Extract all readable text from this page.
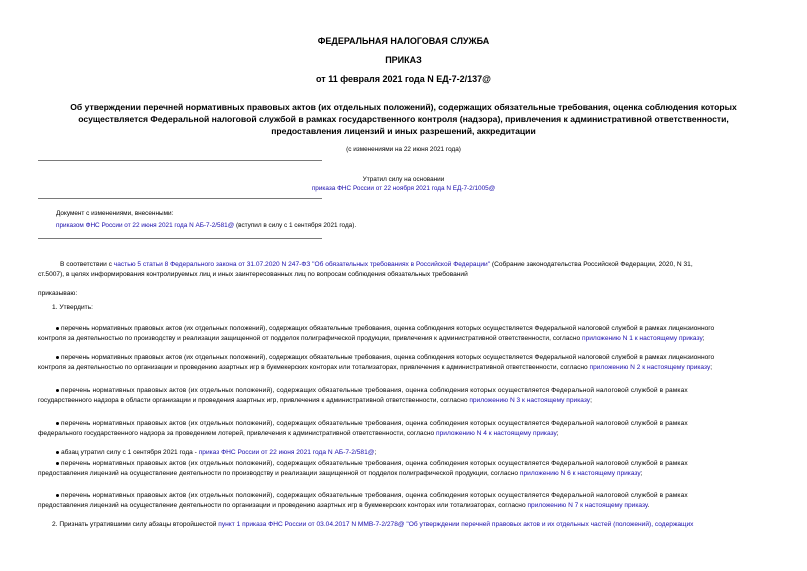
ФЕДЕРАЛЬНАЯ НАЛОГОВАЯ СЛУЖБА
ПРИКАЗ
от 11 февраля 2021 года N ЕД-7-2/137@
Об утверждении перечней нормативных правовых актов (их отдельных положений), содержащих обязательные требования, оценка соблюдения которых
осуществляется Федеральной налоговой службой в рамках государственного контроля (надзора), привлечения к административной ответственности,
предоставления лицензий и иных разрешений, аккредитации
(с изменениями на 22 июня 2021 года)
Утратил силу на основании
приказа ФНС России от 22 ноября 2021 года N ЕД-7-2/1005@
Документ с изменениями, внесенными:
приказом ФНС России от 22 июня 2021 года N АБ-7-2/581@ (вступил в силу с 1 сентября 2021 года).
В соответствии с частью 5 статьи 8 Федерального закона от 31.07.2020 N 247-ФЗ "Об обязательных требованиях в Российской Федерации" (Собрание законодательства Российской Федерации, 2020, N 31,
ст.5007), в целях информирования контролируемых лиц и иных заинтересованных лиц по вопросам соблюдения обязательных требований
приказываю:
1. Утвердить:
перечень нормативных правовых актов (их отдельных положений), содержащих обязательные требования, оценка соблюдения которых осуществляется Федеральной налоговой службой в рамках лицензионного
контроля за деятельностью по производству и реализации защищенной от подделок полиграфической продукции, привлечения к административной ответственности, согласно приложению N 1 к настоящему приказу;
перечень нормативных правовых актов (их отдельных положений), содержащих обязательные требования, оценка соблюдения которых осуществляется Федеральной налоговой службой в рамках лицензионного
контроля за деятельностью по организации и проведению азартных игр в букмекерских конторах или тотализаторах, привлечения к административной ответственности, согласно приложению N 2 к настоящему приказу;
перечень нормативных правовых актов (их отдельных положений), содержащих обязательные требования, оценка соблюдения которых осуществляется Федеральной налоговой службой в рамках
государственного надзора в области организации и проведения азартных игр, привлечения к административной ответственности, согласно приложению N 3 к настоящему приказу;
перечень нормативных правовых актов (их отдельных положений), содержащих обязательные требования, оценка соблюдения которых осуществляется Федеральной налоговой службой в рамках
федерального государственного надзора за проведением лотерей, привлечения к административной ответственности, согласно приложению N 4 к настоящему приказу;
абзац утратил силу с 1 сентября 2021 года - приказ ФНС России от 22 июня 2021 года N АБ-7-2/581@;
перечень нормативных правовых актов (их отдельных положений), содержащих обязательные требования, оценка соблюдения которых осуществляется Федеральной налоговой службой в рамках
предоставления лицензий на осуществление деятельности по производству и реализации защищенной от подделок полиграфической продукции, согласно приложению N 6 к настоящему приказу;
перечень нормативных правовых актов (их отдельных положений), содержащих обязательные требования, оценка соблюдения которых осуществляется Федеральной налоговой службой в рамках
предоставления лицензий на осуществление деятельности по организации и проведению азартных игр в букмекерских конторах или тотализаторах, согласно приложению N 7 к настоящему приказу.
2. Признать утратившими силу абзацы второйшестой пункт 1 приказа ФНС России от 03.04.2017 N ММВ-7-2/278@ "Об утверждении перечней правовых актов и их отдельных частей (положений), содержащих
